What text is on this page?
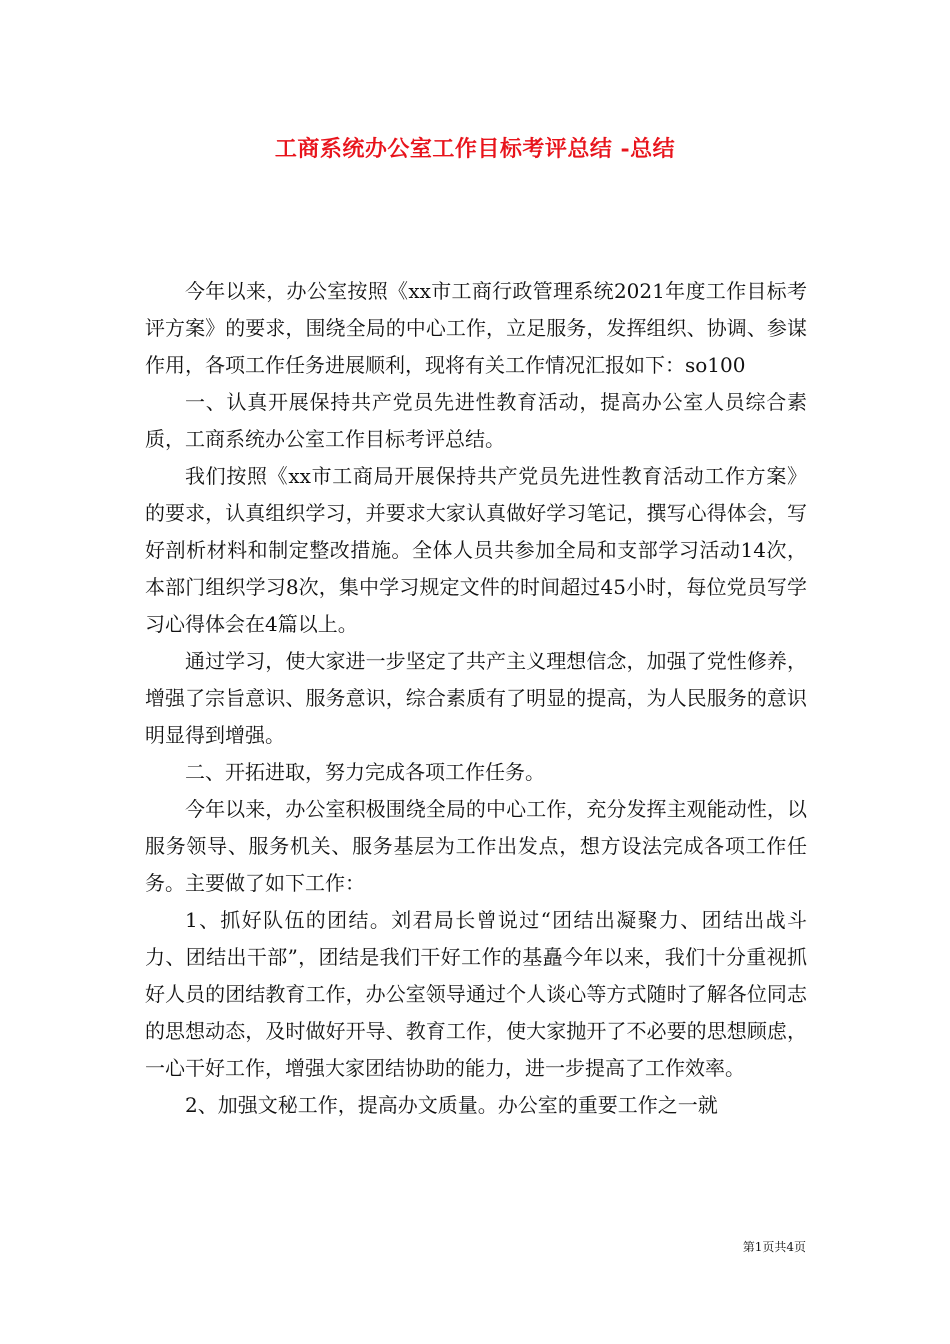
工商系统办公室工作目标考评总结 -总结

今年以来，办公室按照《xx市工商行政管理系统2021年度工作目标考评方案》的要求，围绕全局的中心工作，立足服务，发挥组织、协调、参谋作用，各项工作任务进展顺利，现将有关工作情况汇报如下：so100

一、认真开展保持共产党员先进性教育活动，提高办公室人员综合素质，工商系统办公室工作目标考评总结。

我们按照《xx市工商局开展保持共产党员先进性教育活动工作方案》的要求，认真组织学习，并要求大家认真做好学习笔记，撰写心得体会，写好剖析材料和制定整改措施。全体人员共参加全局和支部学习活动14次，本部门组织学习8次，集中学习规定文件的时间超过45小时，每位党员写学习心得体会在4篇以上。

通过学习，使大家进一步坚定了共产主义理想信念，加强了党性修养，增强了宗旨意识、服务意识，综合素质有了明显的提高，为人民服务的意识明显得到增强。

二、开拓进取，努力完成各项工作任务。

今年以来，办公室积极围绕全局的中心工作，充分发挥主观能动性，以服务领导、服务机关、服务基层为工作出发点，想方设法完成各项工作任务。主要做了如下工作：

1、抓好队伍的团结。刘君局长曾说过“团结出凝聚力、团结出战斗力、团结出干部”，团结是我们干好工作的基矗今年以来，我们十分重视抓好人员的团结教育工作，办公室领导通过个人谈心等方式随时了解各位同志的思想动态，及时做好开导、教育工作，使大家抛开了不必要的思想顾虑，一心干好工作，增强大家团结协助的能力，进一步提高了工作效率。

2、加强文秘工作，提高办文质量。办公室的重要工作之一就

第1页共4页
